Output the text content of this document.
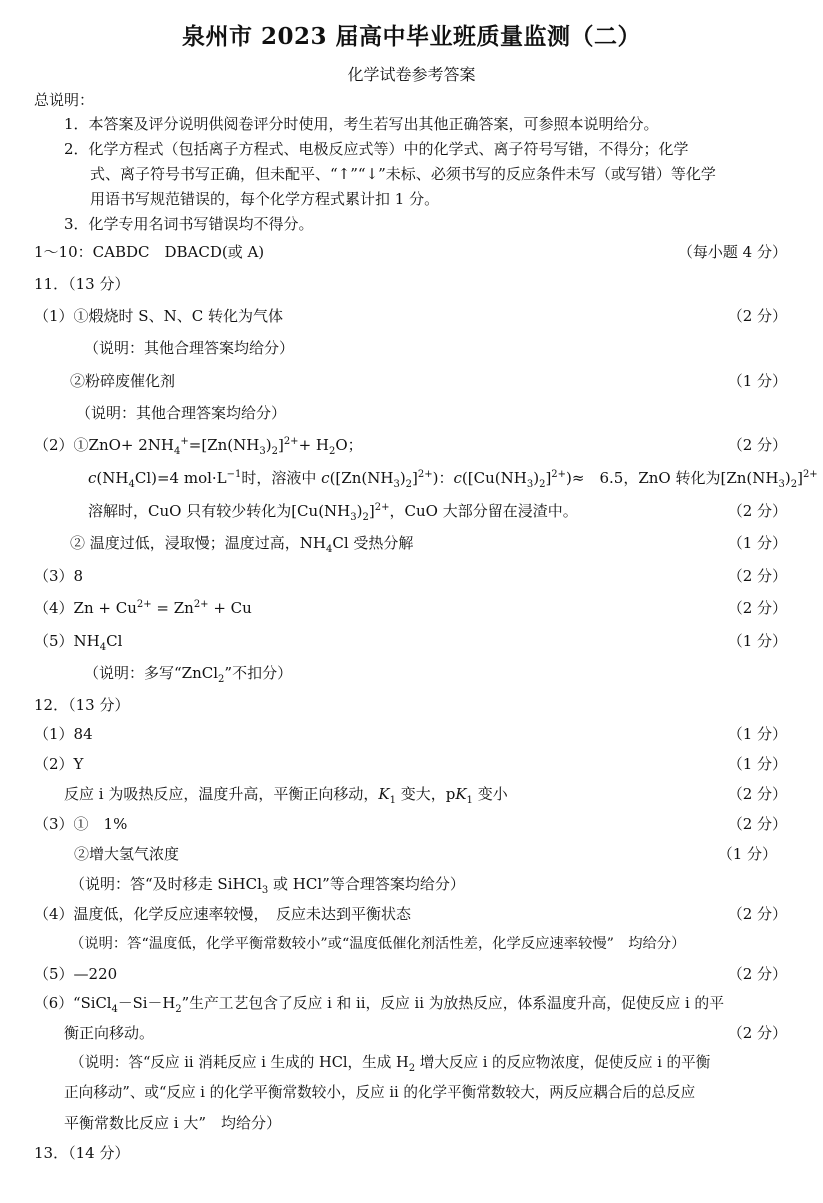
泉州市 2023 届高中毕业班质量监测（二）
化学试卷参考答案
总说明：
1．本答案及评分说明供阅卷评分时使用，考生若写出其他正确答案，可参照本说明给分。
2．化学方程式（包括离子方程式、电极反应式等）中的化学式、离子符号写错，不得分；化学
式、离子符号书写正确，但未配平、“↑”“↓”未标、必须书写的反应条件未写（或写错）等化学
用语书写规范错误的，每个化学方程式累计扣 1 分。
3．化学专用名词书写错误均不得分。
1～10：CABDC　DBACD(或 A)	（每小题 4 分）
11．（13 分）
（1）①煅烧时 S、N、C 转化为气体	（2 分）
（说明：其他合理答案均给分）
②粉碎废催化剂	（1 分）
（说明：其他合理答案均给分）
（2）①ZnO+ $2NH_4^+=[Zn(NH_3)_2]^{2+}+ H_2O$；	（2 分）
$c(NH_4Cl)=4$ $mol\cdot L^{-1}$时，溶液中 $c([Zn(NH_3)_2]^{2+})$：$c([Cu(NH_3)_2]^{2+})\approx$　6.5，ZnO 转化为$[Zn(NH_3)_2]^{2+}$
溶解时，CuO 只有较少转化为$[Cu(NH_3)_2]^{2+}$，CuO 大部分留在浸渣中。	（2 分）
② 温度过低，浸取慢；温度过高，$NH_4Cl$ 受热分解	（1 分）
（3）8	（2 分）
$(4)Zn + Cu^{2+} = Zn^{2+} + Cu$	（2 分）
$(5)NH_4Cl$	（1 分）
（说明：多写“ZnCl$_2$”不扣分）
12．（13 分）
（1）84	（1 分）
（2）Y	（1 分）
反应 i 为吸热反应，温度升高，平衡正向移动，$K_1$ 变大，$pK_1$ 变小	（2 分）
（3）①　1%	（2 分）
②增大氢气浓度	（1 分）
（说明：答“及时移走 SiHCl$_3$ 或 HCl”等合理答案均给分）
（4）温度低，化学反应速率较慢，　反应未达到平衡状态	（2 分）
（说明：答“温度低，化学平衡常数较小”或“温度低催化剂活性差，化学反应速率较慢”　均给分）
（5）—220	（2 分）
$(6)“SiCl_4-Si-H_2$”生产工艺包含了反应 i 和 ii，反应 ii 为放热反应，体系温度升高，促使反应 i 的平
衡正向移动。	（2 分）
（说明：答“反应 ii 消耗反应 i 生成的 HCl，生成 $H_2$ 增大反应 i 的反应物浓度，促使反应 i 的平衡
正向移动”、或“反应 i 的化学平衡常数较小，反应 ii 的化学平衡常数较大，两反应耦合后的总反应
平衡常数比反应 i 大”　均给分）
13．（14 分）
